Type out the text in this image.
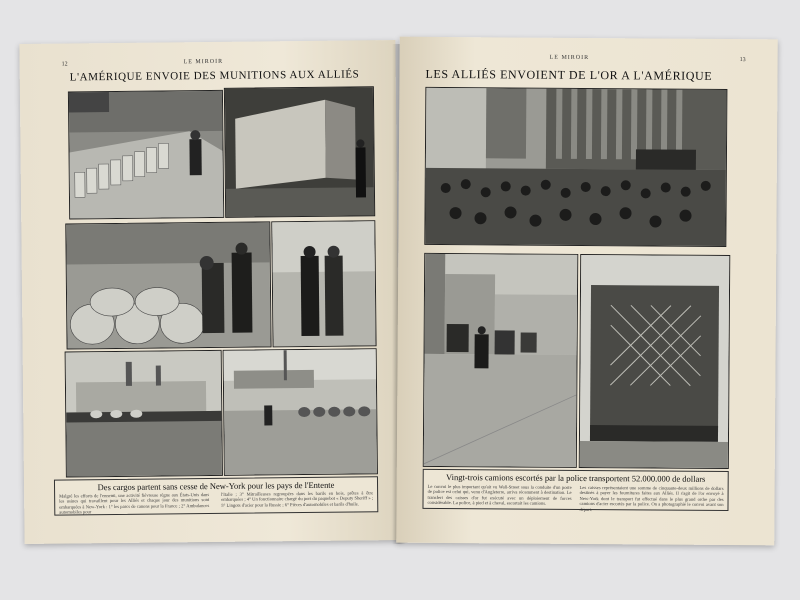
12	LE MIROIR
L'AMÉRIQUE ENVOIE DES MUNITIONS AUX ALLIÉS
Des cargos partent sans cesse de New-York pour les pays de l'Entente
Malgré les efforts de l'ennemi, une activité fiévreuse règne aux États-Unis dans les usines qui travaillent pour les Alliés et chaque jour des munitions sont embarquées à New-York : 1° les parcs de canons pour la France ; 2° Ambulances automobiles pour
l'Italie ; 3° Mitrailleuses regroupées dans les barils en bois, prêtes à être embarquées ; 4° Un fonctionnaire chargé du port du paquebot « Deputy Sheriff » ; 5° Lingots d'acier pour la Russie ; 6° Pièces d'automobiles et barils d'huile.
LE MIROIR	13
LES ALLIÉS ENVOIENT DE L'OR A L'AMÉRIQUE
Vingt-trois camions escortés par la police transportent 52.000.000 de dollars
Le convoi le plus important qu'ait vu Wall-Street sous la conduite d'un poste de police est celui qui, venu d'Angleterre, arriva récemment à destination. Le transfert des caisses d'or fut exécuté avec un déploiement de forces considérable. La police, à pied et à cheval, escortait les camions.
Les caisses représentaient une somme de cinquante-deux millions de dollars destinés à payer les fournitures faites aux Alliés. Il s'agit de l'or envoyé à New-York dont le transport fut effectué dans le plus grand ordre par des camions d'acier escortés par la police. On a photographié le convoi avant son départ.
